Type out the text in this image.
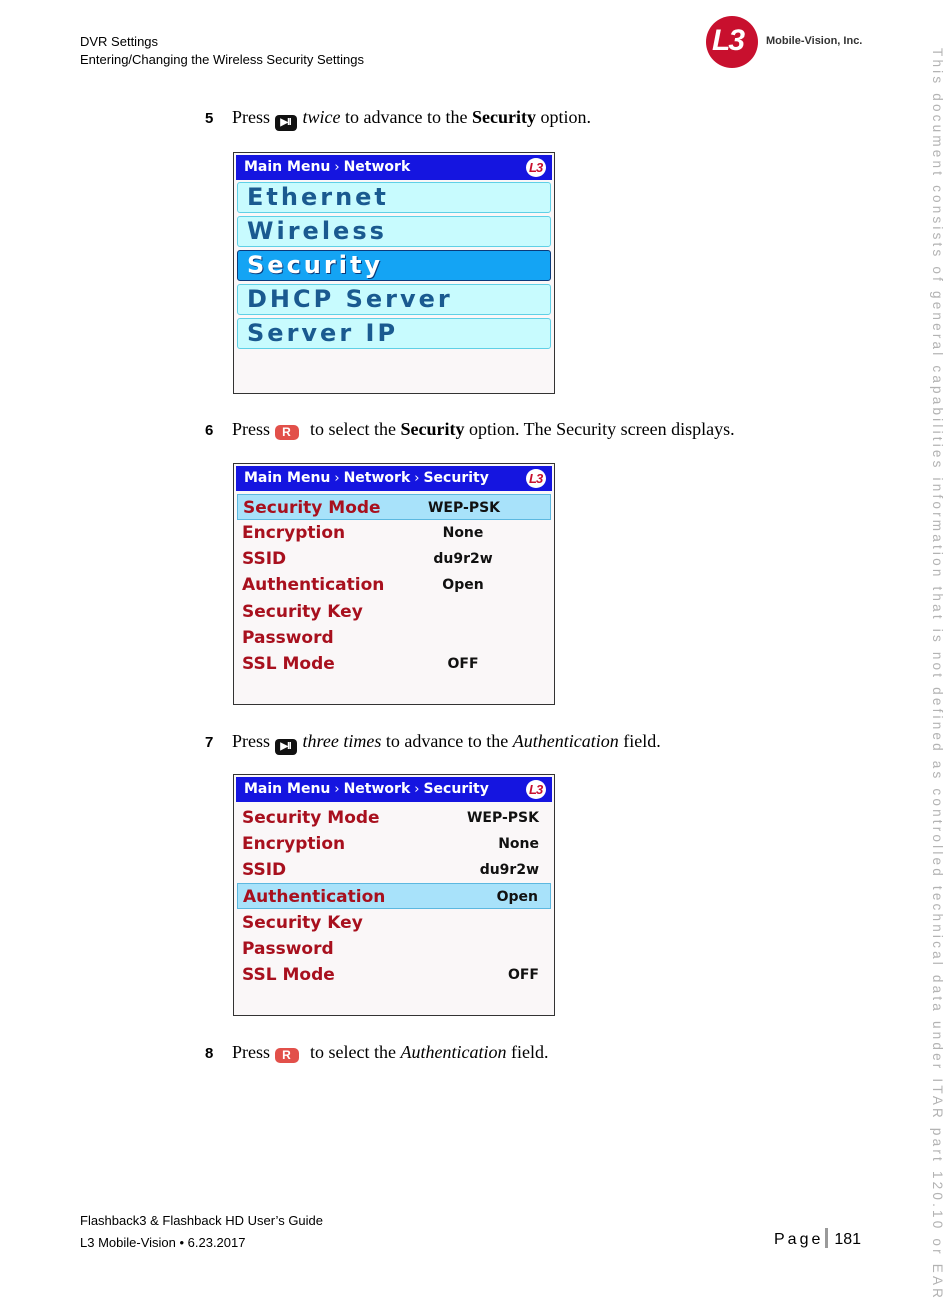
DVR Settings
Entering/Changing the Wireless Security Settings
L3 Mobile-Vision, Inc.
This document consists of general capabilities information that is not defined as controlled technical data under ITAR part 120.10 or EAR
5 Press ▶II twice to advance to the Security option.
Main Menu › Network	L3
Ethernet
Wireless
Security
DHCP Server
Server IP
6 Press R to select the Security option. The Security screen displays.
Main Menu › Network › Security	L3
Security Mode	WEP-PSK
Encryption	None
SSID	du9r2w
Authentication	Open
Security Key
Password
SSL Mode	OFF
7 Press ▶II three times to advance to the Authentication field.
Main Menu › Network › Security	L3
Security Mode	WEP-PSK
Encryption	None
SSID	du9r2w
Authentication	Open
Security Key
Password
SSL Mode	OFF
8 Press R to select the Authentication field.
Flashback3 & Flashback HD User’s Guide
L3 Mobile-Vision • 6.23.2017	Page 181
